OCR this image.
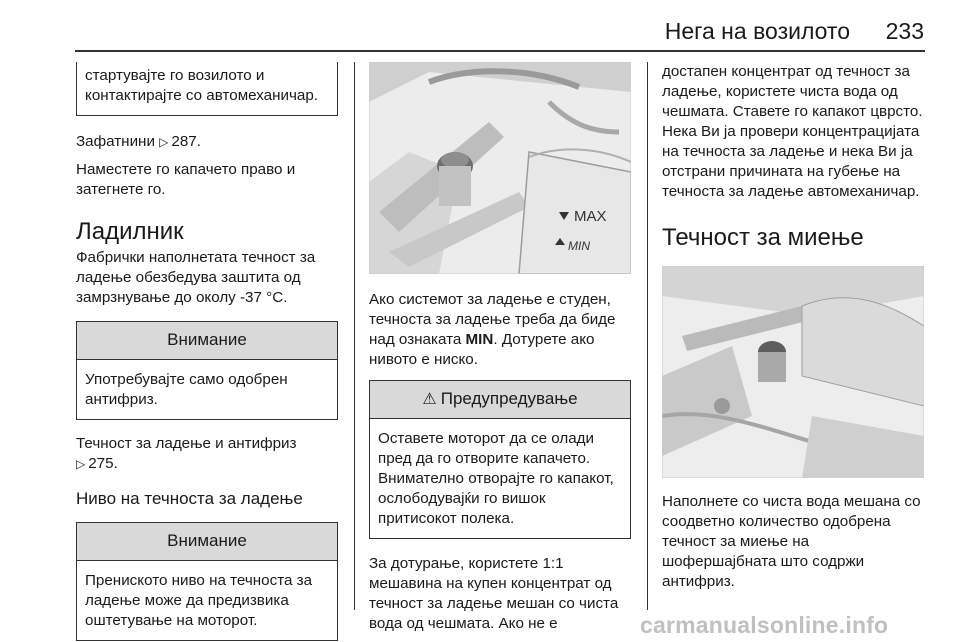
Нега на возилото 233
стартувајте го возилото и контактирајте со автомеханичар.

Зафатнини ▷ 287.

Наместете го капачето право и затегнете го.

Ладилник

Фабрички наполнетата течност за ладење обезбедува заштита од замрзнување до околу -37 °C.

Внимание
Употребувајте само одобрен антифриз.

Течност за ладење и антифриз
▷ 275.

Ниво на течноста за ладење
Внимание
Прениското ниво на течноста за ладење може да предизвика оштетување на моторот.
MAX
MIN

Ако системот за ладење е студен, течноста за ладење треба да биде над ознаката MIN. Дотурете ако нивото е ниско.

⚠ Предупредување
Оставете моторот да се олади пред да го отворите капачето. Внимателно отворајте го капакот, ослободувајќи го вишок притисокот полека.

За дотурање, користете 1:1 мешавина на купен концентрат од течност за ладење мешан со чиста вода од чешмата. Ако не е

достапен концентрат од течност за ладење, користете чиста вода од чешмата. Ставете го капакот цврсто. Нека Ви ја провери концентрацијата на течноста за ладење и нека Ви ја отстрани причината на губење на течноста за ладење автомеханичар.

Течност за миење

Наполнете со чиста вода мешана со соодветно количество одобрена течност за миење на шофершајбната што содржи антифриз.

carmanualsonline.info
